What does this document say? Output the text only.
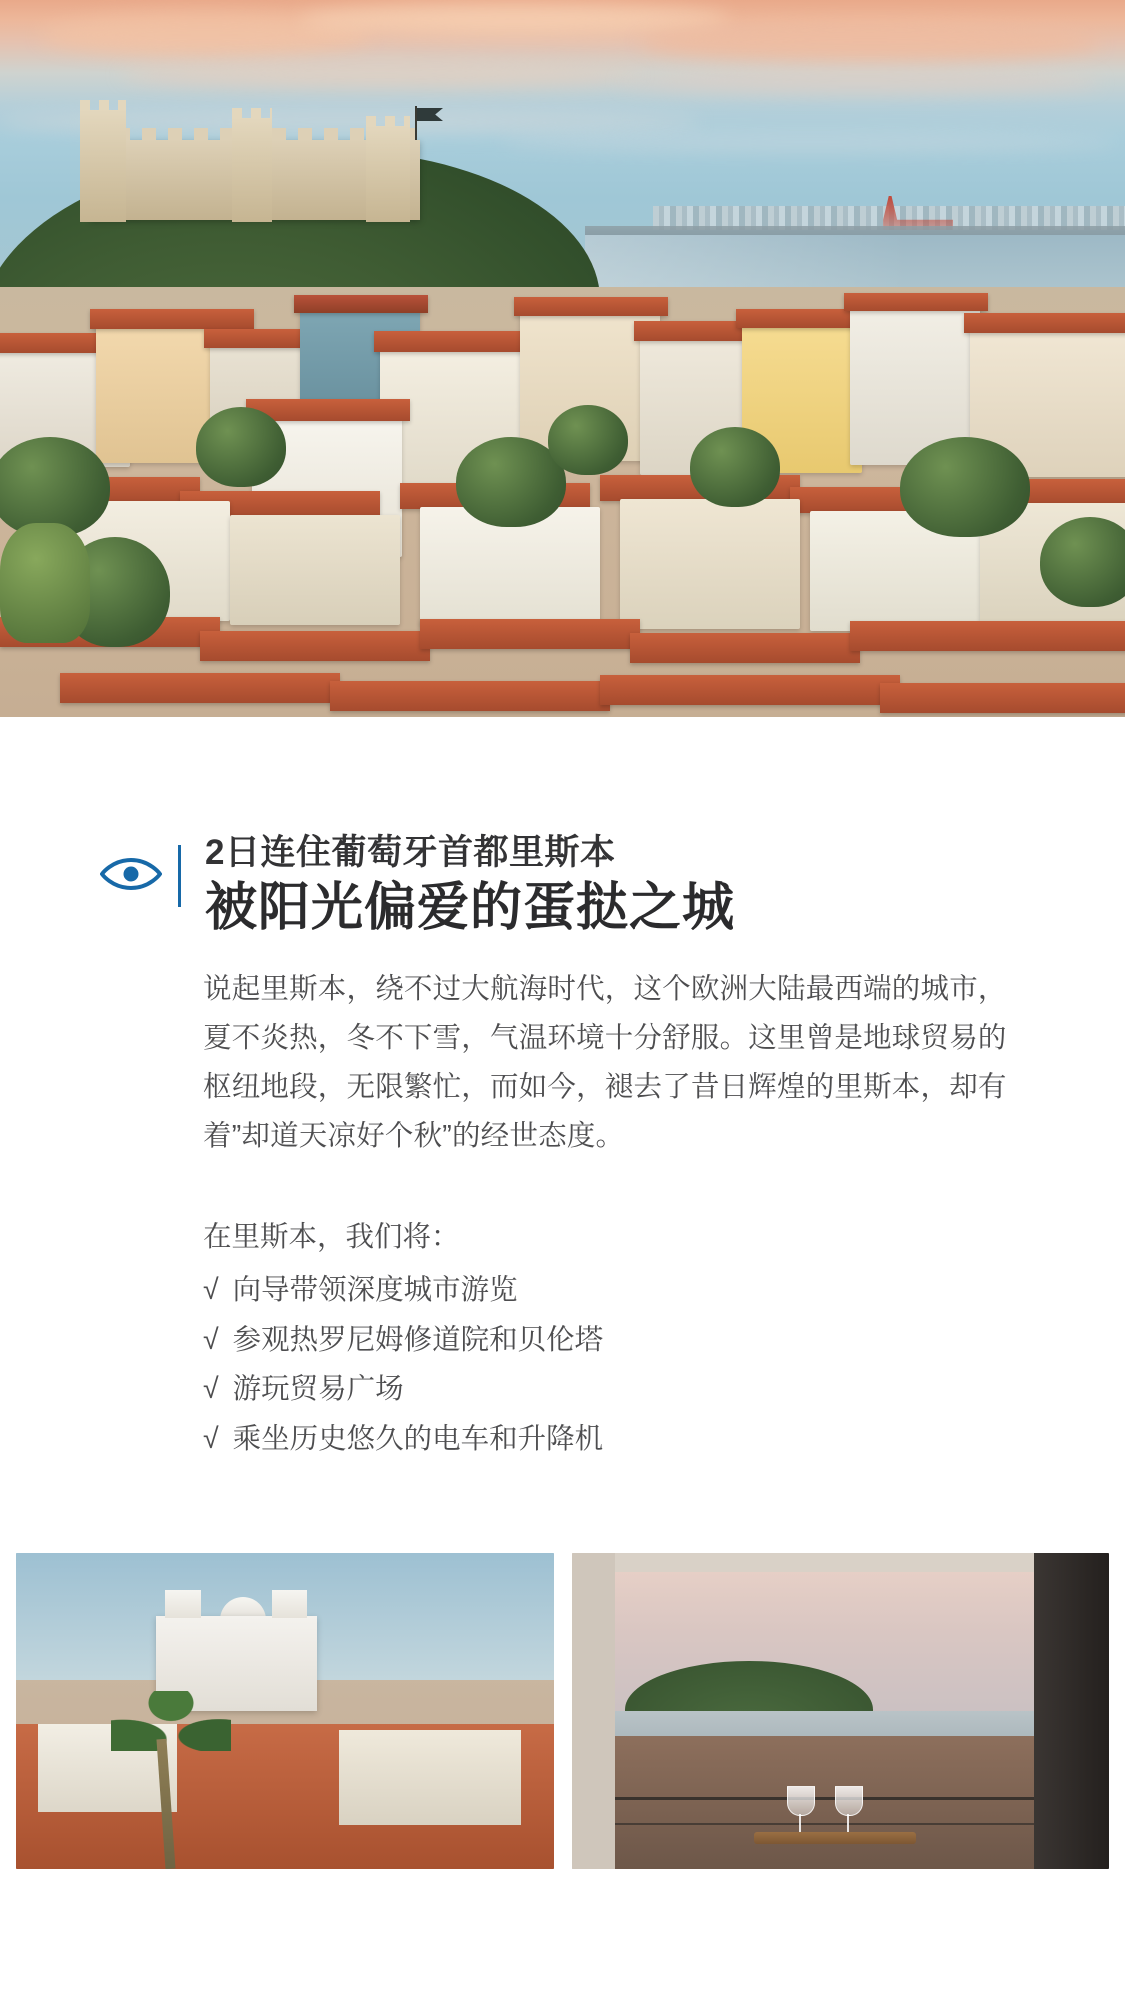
2日连住葡萄牙首都里斯本
被阳光偏爱的蛋挞之城

说起里斯本，绕不过大航海时代，这个欧洲大陆最西端的城市，夏不炎热，冬不下雪，气温环境十分舒服。这里曾是地球贸易的枢纽地段，无限繁忙，而如今，褪去了昔日辉煌的里斯本，却有着”却道天凉好个秋”的经世态度。

在里斯本，我们将：
√ 向导带领深度城市游览
√ 参观热罗尼姆修道院和贝伦塔
√ 游玩贸易广场
√ 乘坐历史悠久的电车和升降机
